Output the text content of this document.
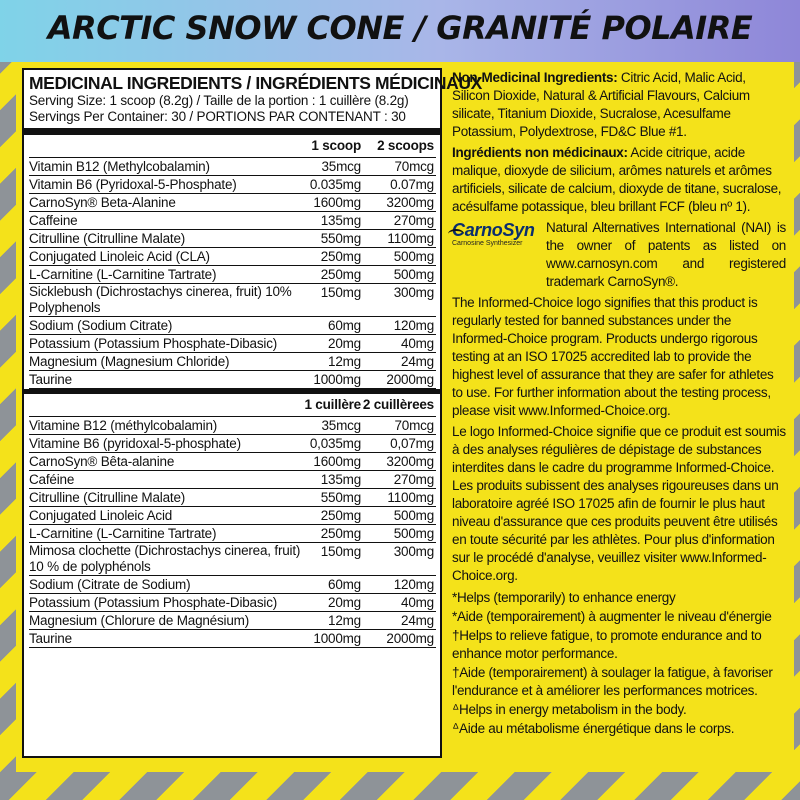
ARCTIC SNOW CONE / GRANITÉ POLAIRE
MEDICINAL INGREDIENTS / INGRÉDIENTS MÉDICINAUX
Serving Size: 1 scoop (8.2g) / Taille de la portion : 1 cuillère (8.2g)
Servings Per Container: 30 / PORTIONS PAR CONTENANT : 30
1 scoop	2 scoops
Vitamin B12 (Methylcobalamin)	35mcg	70mcg
Vitamin B6 (Pyridoxal-5-Phosphate)	0.035mg	0.07mg
CarnoSyn® Beta-Alanine	1600mg	3200mg
Caffeine	135mg	270mg
Citrulline (Citrulline Malate)	550mg	1100mg
Conjugated Linoleic Acid (CLA)	250mg	500mg
L-Carnitine (L-Carnitine Tartrate)	250mg	500mg
Sicklebush (Dichrostachys cinerea, fruit) 10% Polyphenols
150mg	300mg
Sodium (Sodium Citrate)	60mg	120mg
Potassium (Potassium Phosphate-Dibasic)	20mg	40mg
Magnesium (Magnesium Chloride)	12mg	24mg
Taurine	1000mg	2000mg
1 cuillère 2 cuillèrees
Vitamine B12 (méthylcobalamin)	35mcg	70mcg
Vitamine B6 (pyridoxal-5-phosphate)	0,035mg	0,07mg
CarnoSyn® Bêta-alanine	1600mg	3200mg
Caféine	135mg	270mg
Citrulline (Citrulline Malate)	550mg	1100mg
Conjugated Linoleic Acid	250mg	500mg
L-Carnitine (L-Carnitine Tartrate)	250mg	500mg
Mimosa clochette (Dichrostachys cinerea, fruit) 10 % de polyphénols
150mg	300mg
Sodium (Citrate de Sodium)	60mg	120mg
Potassium (Potassium Phosphate-Dibasic)	20mg	40mg
Magnesium (Chlorure de Magnésium)	12mg	24mg
Taurine	1000mg	2000mg

Non-Medicinal Ingredients: Citric Acid, Malic Acid, Silicon Dioxide, Natural & Artificial Flavours, Calcium silicate, Titanium Dioxide, Sucralose, Acesulfame Potassium, Polydextrose, FD&C Blue #1.

Ingrédients non médicinaux: Acide citrique, acide malique, dioxyde de silicium, arômes naturels et arômes artificiels, silicate de calcium, dioxyde de titane, sucralose, acésulfame potassique, bleu brillant FCF (bleu nº 1).

CarnoSyn
Carnosine Synthesizer

Natural Alternatives International (NAI) is the owner of patents as listed on www.carnosyn.com and registered trademark CarnoSyn®.

The Informed-Choice logo signifies that this product is regularly tested for banned substances under the Informed-Choice program. Products undergo rigorous testing at an ISO 17025 accredited lab to provide the highest level of assurance that they are safer for athletes to use. For further information about the testing process, please visit www.Informed-Choice.org.

Le logo Informed-Choice signifie que ce produit est soumis à des analyses régulières de dépistage de substances interdites dans le cadre du programme Informed-Choice. Les produits subissent des analyses rigoureuses dans un laboratoire agréé ISO 17025 afin de fournir le plus haut niveau d'assurance que ces produits peuvent être utilisés en toute sécurité par les athlètes. Pour plus d'information sur le procédé d'analyse, veuillez visiter www.Informed-Choice.org.

*Helps (temporarily) to enhance energy

*Aide (temporairement) à augmenter le niveau d'énergie

†Helps to relieve fatigue, to promote endurance and to enhance motor performance.

†Aide (temporairement) à soulager la fatigue, à favoriser l'endurance et à améliorer les performances motrices.

ᐞHelps in energy metabolism in the body.

ᐞAide au métabolisme énergétique dans le corps.
